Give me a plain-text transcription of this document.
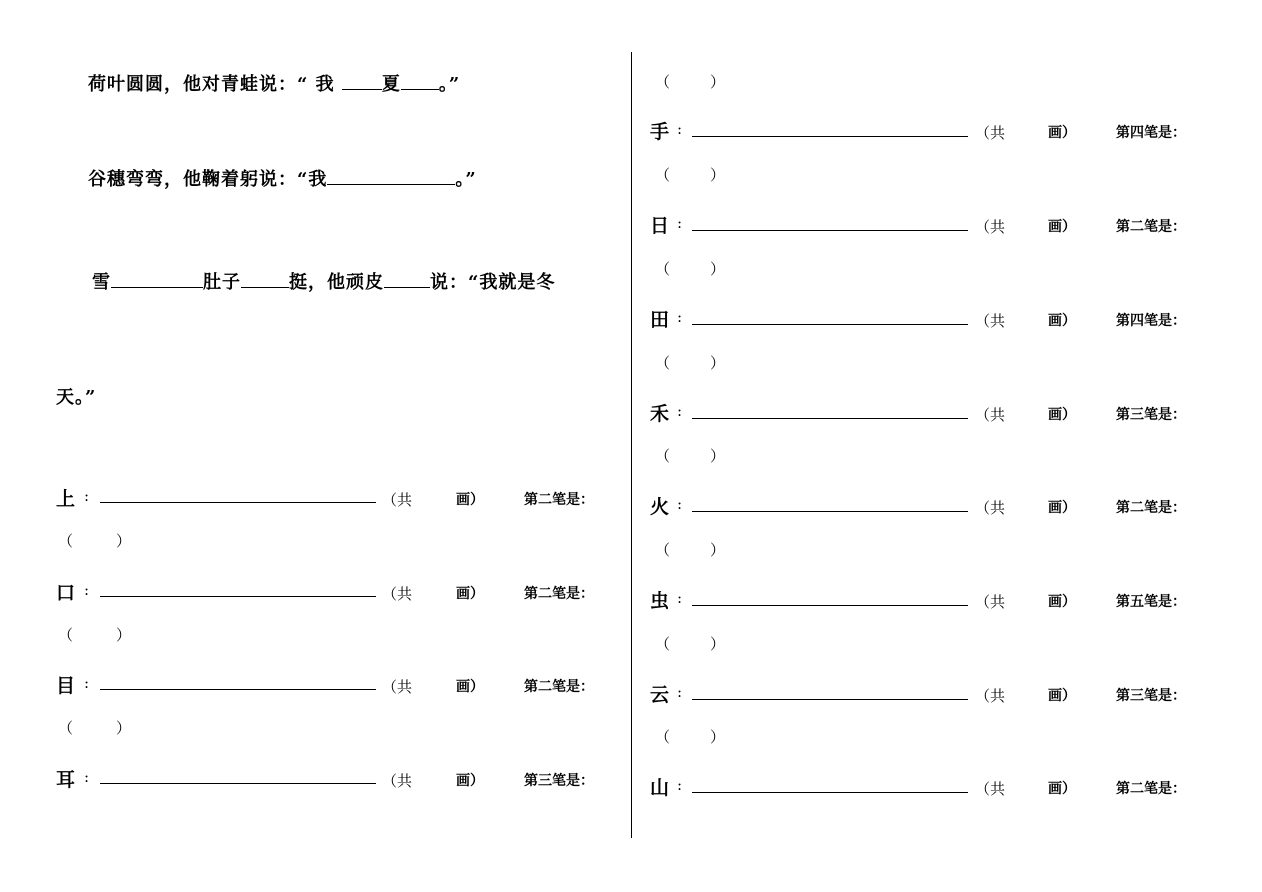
荷叶圆圆，他对青蛙说：“ 我 夏 。”
谷穗弯弯，他鞠着躬说：“我	。”
雪	肚子	挺，他顽皮	说：“我就是冬
天。”
上 :	（共	画）	第二笔是：
（	）
口 :	（共	画）	第二笔是：
（	）
目 :	（共	画）	第二笔是：
（	）
耳 :	（共	画）	第三笔是：
（	）
手 :	（共	画）	第四笔是：
（	）
日 :	（共	画）	第二笔是：
（	）
田 :	（共	画）	第四笔是：
（	）
禾 :	（共	画）	第三笔是：
（	）
火 :	（共	画）	第二笔是：
（	）
虫 :	（共	画）	第五笔是：
（	）
云 :	（共	画）	第三笔是：
（	）
山 :	（共	画）	第二笔是：
